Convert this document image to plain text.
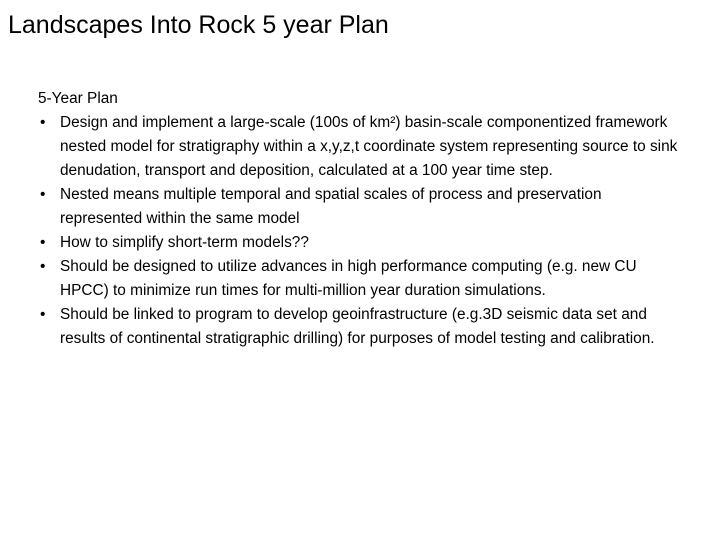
Landscapes Into Rock 5 year Plan

5-Year Plan

• Design and implement a large-scale (100s of km²) basin-scale componentized framework nested model for stratigraphy within a x,y,z,t coordinate system representing source to sink denudation, transport and deposition, calculated at a 100 year time step.
• Nested means multiple temporal and spatial scales of process and preservation represented within the same model
• How to simplify short-term models??
• Should be designed to utilize advances in high performance computing (e.g. new CU HPCC) to minimize run times for multi-million year duration simulations.
• Should be linked to program to develop geoinfrastructure (e.g.3D seismic data set and results of continental stratigraphic drilling) for purposes of model testing and calibration.
